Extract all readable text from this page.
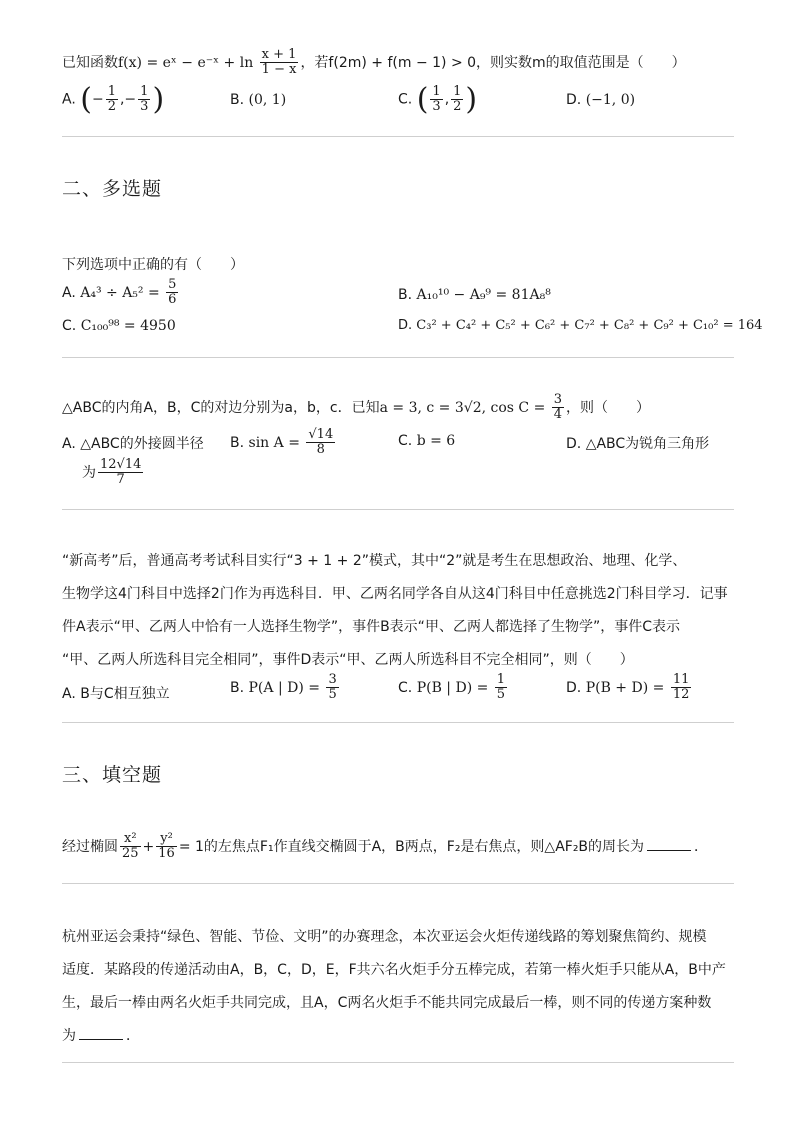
已知函数f(x) = eˣ − e⁻ˣ + $\ln \frac{x + 1}{1 - x}$ ，若f(2m) + f(m − 1) > 0，则实数m的取值范围是（　　）
A. (− $\frac{1}{2}$ ,− $\frac{1}{3}$ )	B. (0, 1)	C. ( $\frac{1}{3}$ , $\frac{1}{2}$ )	D. (−1, 0)
二、多选题
下列选项中正确的有（　　）
A. $A_4^3 \div A_5^2 = \frac{5}{6}$	B. A₁₀¹⁰ − A₉⁹ = 81A₈⁸
C. C₁₀₀⁹⁸ = 4950	D. C₃² + C₄² + C₅² + C₆² + C₇² + C₈² + C₉² + C₁₀² = 164
△ABC的内角A，B，C的对边分别为a，b，c．已知a = 3, c = 3√2, $\cos C = \frac{3}{4}$ ，则（　　）
A. △ABC的外接圆半径
为 $\frac{12√14}{7}$
B. $\sin A = \frac{√14}{8}$	C. b = 6	D. △ABC为锐角三角形
“新高考”后，普通高考考试科目实行“3 + 1 + 2”模式，其中“2”就是考生在思想政治、地理、化学、
生物学这4门科目中选择2门作为再选科目．甲、乙两名同学各自从这4门科目中任意挑选2门科目学习．记事
件A表示“甲、乙两人中恰有一人选择生物学”，事件B表示“甲、乙两人都选择了生物学”，事件C表示
“甲、乙两人所选科目完全相同”，事件D表示“甲、乙两人所选科目不完全相同”，则（　　）
A. B与C相互独立	B. P(A | $D) = \frac{3}{5}$	C. P(B | $D) = \frac{1}{5}$	D. $P(B + D) = \frac{11}{12}$
三、填空题
经过椭圆 $\frac{\text{x²}}{25} + \frac{\text{y²}}{16} = 1$的左焦点F₁作直线交椭圆于A，B两点，F₂是右焦点，则△AF₂B的周长为	．
杭州亚运会秉持“绿色、智能、节俭、文明”的办赛理念，本次亚运会火炬传递线路的筹划聚焦简约、规模
适度．某路段的传递活动由A，B，C，D，E，F共六名火炬手分五棒完成，若第一棒火炬手只能从A，B中产
生，最后一棒由两名火炬手共同完成，且A，C两名火炬手不能共同完成最后一棒，则不同的传递方案种数
为	．
